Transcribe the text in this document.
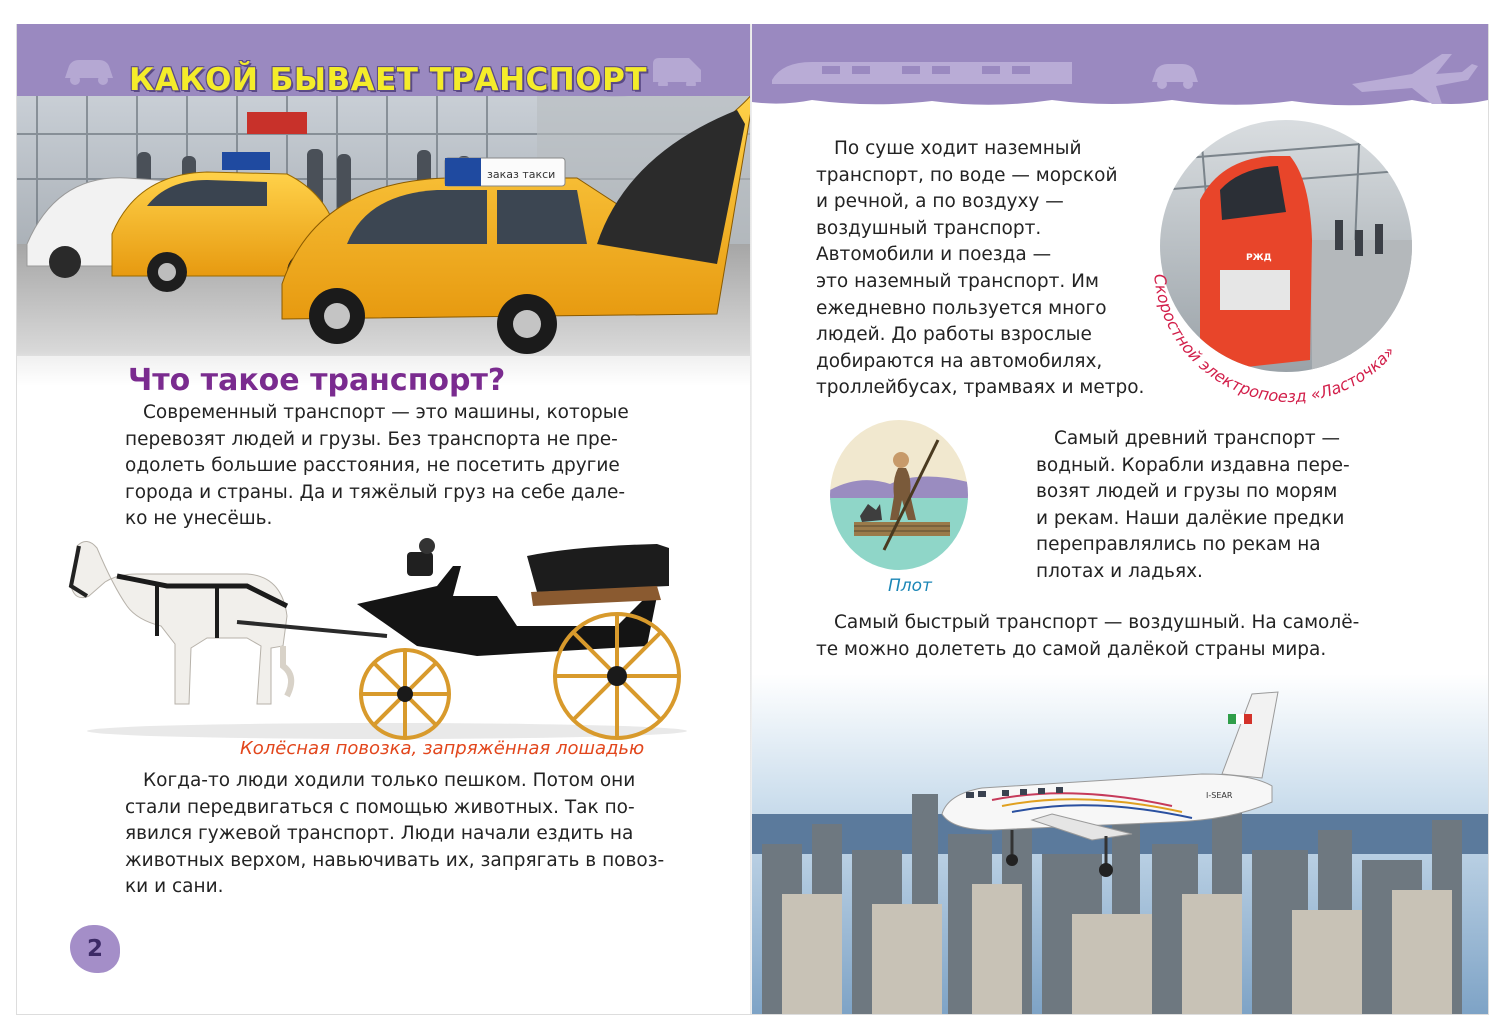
заказ такси
КАКОЙ БЫВАЕТ ТРАНСПОРТ
Что такое транспорт?

Современный транспорт — это машины, которые

перевозят людей и грузы. Без транспорта не пре-

одолеть большие расстояния, не посетить другие

города и страны. Да и тяжёлый груз на себе дале-

ко не унесёшь.

Колёсная повозка, запряжённая лошадью

Когда-то люди ходили только пешком. Потом они

стали передвигаться с помощью животных. Так по-

явился гужевой транспорт. Люди начали ездить на

животных верхом, навьючивать их, запрягать в повоз-

ки и сани.

2

По суше ходит наземный

транспорт, по воде — морской

и речной, а по воздуху —

воздушный транспорт.

Автомобили и поезда —

это наземный транспорт. Им

ежедневно пользуется много

людей. До работы взрослые

добираются на автомобилях,

троллейбусах, трамваях и метро.

РЖД
Скоростной электропоезд «Ласточка»
Плот

Самый древний транспорт —

водный. Корабли издавна пере-

возят людей и грузы по морям

и рекам. Наши далёкие предки

переправлялись по рекам на

плотах и ладьях.

Самый быстрый транспорт — воздушный. На самолё-

те можно долететь до самой далёкой страны мира.

I-SEAR
